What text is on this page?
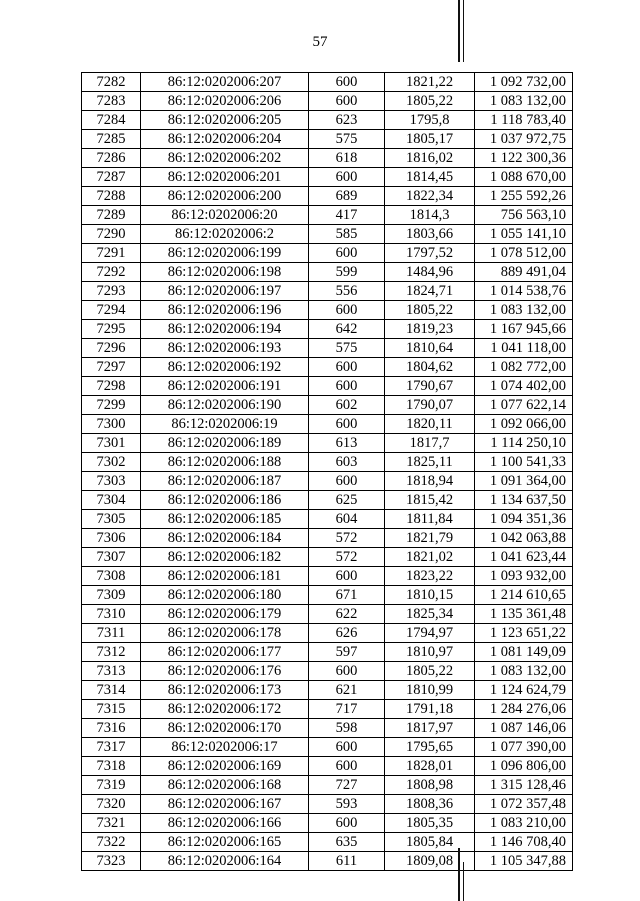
57
7282	86:12:0202006:207	600	1821,22	1 092 732,00
7283	86:12:0202006:206	600	1805,22	1 083 132,00
7284	86:12:0202006:205	623	1795,8	1 118 783,40
7285	86:12:0202006:204	575	1805,17	1 037 972,75
7286	86:12:0202006:202	618	1816,02	1 122 300,36
7287	86:12:0202006:201	600	1814,45	1 088 670,00
7288	86:12:0202006:200	689	1822,34	1 255 592,26
7289	86:12:0202006:20	417	1814,3	756 563,10
7290	86:12:0202006:2	585	1803,66	1 055 141,10
7291	86:12:0202006:199	600	1797,52	1 078 512,00
7292	86:12:0202006:198	599	1484,96	889 491,04
7293	86:12:0202006:197	556	1824,71	1 014 538,76
7294	86:12:0202006:196	600	1805,22	1 083 132,00
7295	86:12:0202006:194	642	1819,23	1 167 945,66
7296	86:12:0202006:193	575	1810,64	1 041 118,00
7297	86:12:0202006:192	600	1804,62	1 082 772,00
7298	86:12:0202006:191	600	1790,67	1 074 402,00
7299	86:12:0202006:190	602	1790,07	1 077 622,14
7300	86:12:0202006:19	600	1820,11	1 092 066,00
7301	86:12:0202006:189	613	1817,7	1 114 250,10
7302	86:12:0202006:188	603	1825,11	1 100 541,33
7303	86:12:0202006:187	600	1818,94	1 091 364,00
7304	86:12:0202006:186	625	1815,42	1 134 637,50
7305	86:12:0202006:185	604	1811,84	1 094 351,36
7306	86:12:0202006:184	572	1821,79	1 042 063,88
7307	86:12:0202006:182	572	1821,02	1 041 623,44
7308	86:12:0202006:181	600	1823,22	1 093 932,00
7309	86:12:0202006:180	671	1810,15	1 214 610,65
7310	86:12:0202006:179	622	1825,34	1 135 361,48
7311	86:12:0202006:178	626	1794,97	1 123 651,22
7312	86:12:0202006:177	597	1810,97	1 081 149,09
7313	86:12:0202006:176	600	1805,22	1 083 132,00
7314	86:12:0202006:173	621	1810,99	1 124 624,79
7315	86:12:0202006:172	717	1791,18	1 284 276,06
7316	86:12:0202006:170	598	1817,97	1 087 146,06
7317	86:12:0202006:17	600	1795,65	1 077 390,00
7318	86:12:0202006:169	600	1828,01	1 096 806,00
7319	86:12:0202006:168	727	1808,98	1 315 128,46
7320	86:12:0202006:167	593	1808,36	1 072 357,48
7321	86:12:0202006:166	600	1805,35	1 083 210,00
7322	86:12:0202006:165	635	1805,84	1 146 708,40
7323	86:12:0202006:164	611	1809,08	1 105 347,88
